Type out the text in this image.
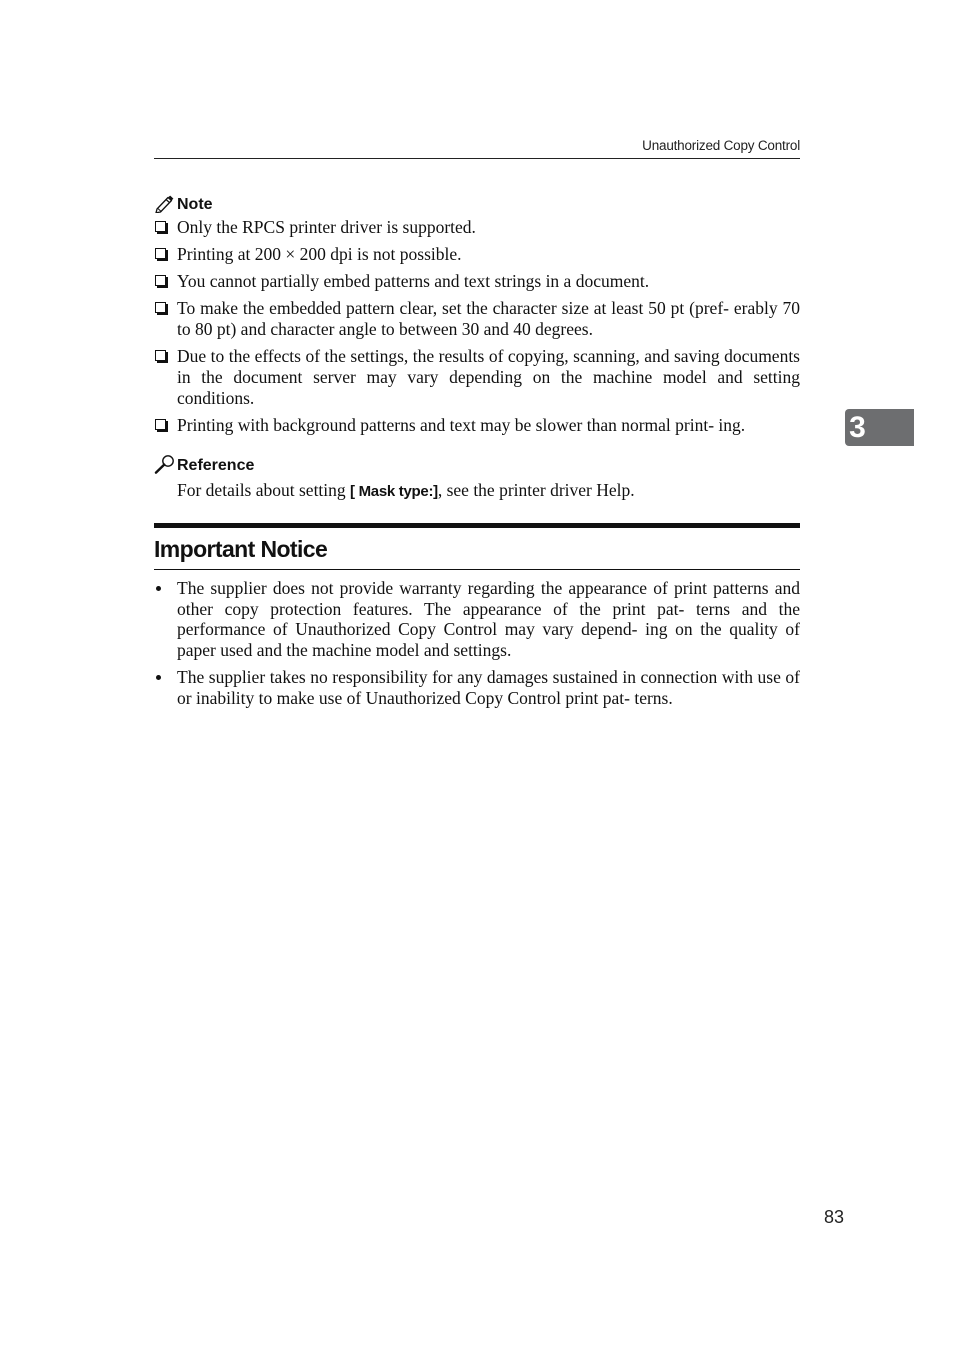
Unauthorized Copy Control
3
Note
Only the RPCS printer driver is supported.
Printing at 200 × 200 dpi is not possible.
You cannot partially embed patterns and text strings in a document.
To make the embedded pattern clear, set the character size at least 50 pt (pref- erably 70 to 80 pt) and character angle to between 30 and 40 degrees.
Due to the effects of the settings, the results of copying, scanning, and saving documents in the document server may vary depending on the machine model and setting conditions.
Printing with background patterns and text may be slower than normal print- ing.
Reference
For details about setting [ Mask type:], see the printer driver Help.
Important Notice
The supplier does not provide warranty regarding the appearance of print patterns and other copy protection features. The appearance of the print pat- terns and the performance of Unauthorized Copy Control may vary depend- ing on the quality of paper used and the machine model and settings.
The supplier takes no responsibility for any damages sustained in connection with use of or inability to make use of Unauthorized Copy Control print pat- terns.
83
